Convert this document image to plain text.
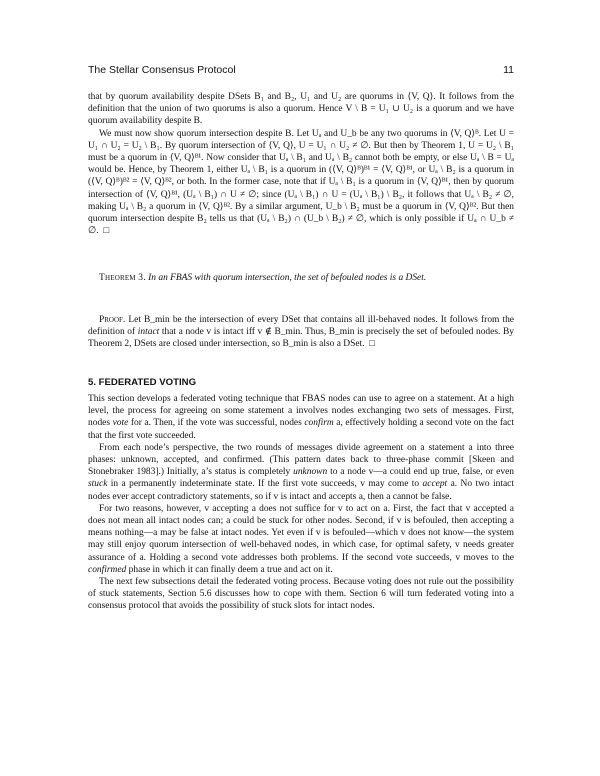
The Stellar Consensus Protocol	11

that by quorum availability despite DSets B₁ and B₂, U₁ and U₂ are quorums in ⟨V, Q⟩. It follows from the definition that the union of two quorums is also a quorum. Hence V \ B = U₁ ∪ U₂ is a quorum and we have quorum availability despite B.

We must now show quorum intersection despite B. Let Uₐ and U_b be any two quorums in ⟨V, Q⟩ᴮ. Let U = U₁ ∩ U₂ = U₂ \ B₁. By quorum intersection of ⟨V, Q⟩, U = U₁ ∩ U₂ ≠ ∅. But then by Theorem 1, U = U₂ \ B₁ must be a quorum in ⟨V, Q⟩ᴮ¹. Now consider that Uₐ \ B₁ and Uₐ \ B₂ cannot both be empty, or else Uₐ \ B = Uₐ would be. Hence, by Theorem 1, either Uₐ \ B₁ is a quorum in (⟨V, Q⟩ᴮ)ᴮ¹ = ⟨V, Q⟩ᴮ¹, or Uₐ \ B₂ is a quorum in (⟨V, Q⟩ᴮ)ᴮ² = ⟨V, Q⟩ᴮ², or both. In the former case, note that if Uₐ \ B₁ is a quorum in ⟨V, Q⟩ᴮ¹, then by quorum intersection of ⟨V, Q⟩ᴮ¹, (Uₐ \ B₁) ∩ U ≠ ∅; since (Uₐ \ B₁) ∩ U = (Uₐ \ B₁) \ B₂, it follows that Uₐ \ B₂ ≠ ∅, making Uₐ \ B₂ a quorum in ⟨V, Q⟩ᴮ². By a similar argument, U_b \ B₂ must be a quorum in ⟨V, Q⟩ᴮ². But then quorum intersection despite B₂ tells us that (Uₐ \ B₂) ∩ (U_b \ B₂) ≠ ∅, which is only possible if Uₐ ∩ U_b ≠ ∅. □

Theorem 3. In an FBAS with quorum intersection, the set of befouled nodes is a DSet.

Proof. Let B_min be the intersection of every DSet that contains all ill-behaved nodes. It follows from the definition of intact that a node v is intact iff v ∉ B_min. Thus, B_min is precisely the set of befouled nodes. By Theorem 2, DSets are closed under intersection, so B_min is also a DSet. □

5. FEDERATED VOTING

This section develops a federated voting technique that FBAS nodes can use to agree on a statement. At a high level, the process for agreeing on some statement a involves nodes exchanging two sets of messages. First, nodes vote for a. Then, if the vote was successful, nodes confirm a, effectively holding a second vote on the fact that the first vote succeeded.

From each node’s perspective, the two rounds of messages divide agreement on a statement a into three phases: unknown, accepted, and confirmed. (This pattern dates back to three-phase commit [Skeen and Stonebraker 1983].) Initially, a’s status is completely unknown to a node v—a could end up true, false, or even stuck in a permanently indeterminate state. If the first vote succeeds, v may come to accept a. No two intact nodes ever accept contradictory statements, so if v is intact and accepts a, then a cannot be false.

For two reasons, however, v accepting a does not suffice for v to act on a. First, the fact that v accepted a does not mean all intact nodes can; a could be stuck for other nodes. Second, if v is befouled, then accepting a means nothing—a may be false at intact nodes. Yet even if v is befouled—which v does not know—the system may still enjoy quorum intersection of well-behaved nodes, in which case, for optimal safety, v needs greater assurance of a. Holding a second vote addresses both problems. If the second vote succeeds, v moves to the confirmed phase in which it can finally deem a true and act on it.

The next few subsections detail the federated voting process. Because voting does not rule out the possibility of stuck statements, Section 5.6 discusses how to cope with them. Section 6 will turn federated voting into a consensus protocol that avoids the possibility of stuck slots for intact nodes.
